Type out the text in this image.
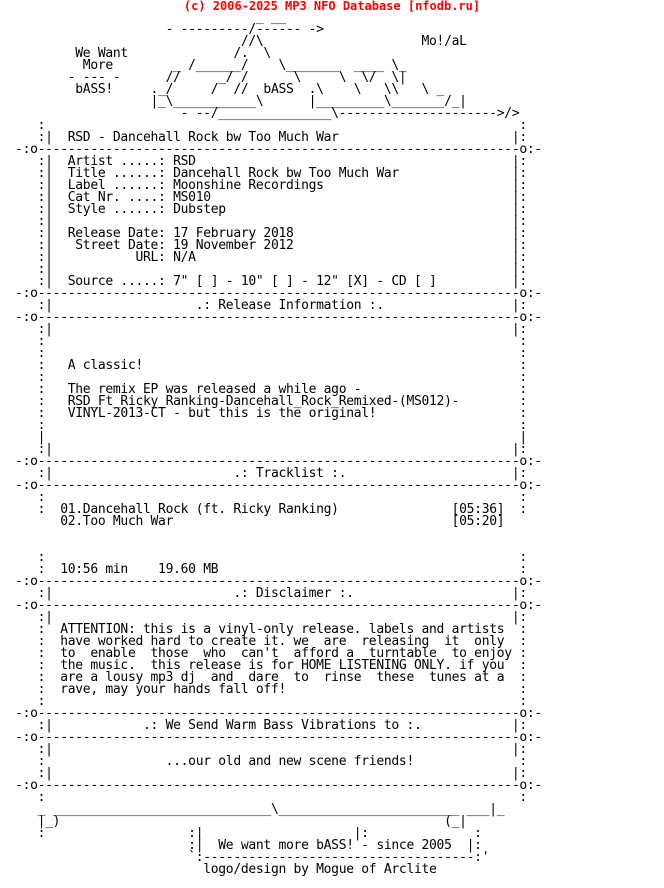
(c) 2006-2025 MP3 NFO Database [nfodb.ru]
_ __
- ---------/------ ->
//\                     Mo!/aL
We Want              /.  \
More        _ /______/    \_______  ____ \_
- --- -      //     _/ /      \     \  \/  \|
bASS!     ._/     /  //  bASS  .\    \   \\   \ _
|_\___________\      |_________\_______/_|
- --/_______________\--------------------->/>
:                                                               :
:|  RSD - Dancehall Rock bw Too Much War                       |:
-:o----------------------------------------------------------------o:-
:|  Artist .....: RSD                                          |:
:|  Title ......: Dancehall Rock bw Too Much War               |:
:|  Label ......: Moonshine Recordings                         |:
:|  Cat Nr. ....: MS010                                        |:
:|  Style ......: Dubstep                                      |:
:|                                                             |:
:|  Release Date: 17 February 2018                             |:
:|   Street Date: 19 November 2012                             |:
:|           URL: N/A                                          |:
:|                                                             |:
:|  Source .....: 7" [ ] - 10" [ ] - 12" [X] - CD [ ]          |:
-:o----------------------------------------------------------------o:-
:|                   .: Release Information :.                 |:
-:o----------------------------------------------------------------o:-
:|                                                             |:
:                                                               :
:                                                               :
:   A classic!                                                  :
:                                                               :
:   The remix EP was released a while ago -                     :
:   RSD_Ft_Ricky_Ranking-Dancehall_Rock_Remixed-(MS012)-        :
:   VINYL-2013-CT - but this is the original!                   :
:                                                               :
|                                                               |
:|                                                             |:
-:o----------------------------------------------------------------o:-
:|                        .: Tracklist :.                      |:
-:o----------------------------------------------------------------o:-
:                                                               :
:  01.Dancehall Rock (ft. Ricky Ranking)               [05:36]  :
02.Too Much War                                     [05:20]
:                                                               :
:  10:56 min    19.60 MB                                        :
-:o----------------------------------------------------------------o:-
:|                        .: Disclaimer :.                     |:
-:o----------------------------------------------------------------o:-
:|                                                             |:
:  ATTENTION: this is a vinyl-only release. labels and artists  :
:  have worked hard to create it. we  are  releasing  it  only  :
:  to  enable  those  who  can't  afford a  turntable  to enjoy :
:  the music.  this release is for HOME LISTENING ONLY. if you  :
:  are a lousy mp3 dj  and  dare  to  rinse  these  tunes at a  :
:  rave, may your hands fall off!                               :
:                                                               :
-:o----------------------------------------------------------------o:-
:|            .: We Send Warm Bass Vibrations to :.            |:
-:o----------------------------------------------------------------o:-
:|                                                             |:
:                ...our old and new scene friends!              :
:|                                                             |:
-:o----------------------------------------------------------------o:-
:                                                               :
_ _____________________________\________________________ ___|_
|_)                                                   (_|
:                   :|                    |:              :
:|  We want more bASS! - since 2005  |:
`:------------------------------------:'
logo/design by Mogue of Arclite
